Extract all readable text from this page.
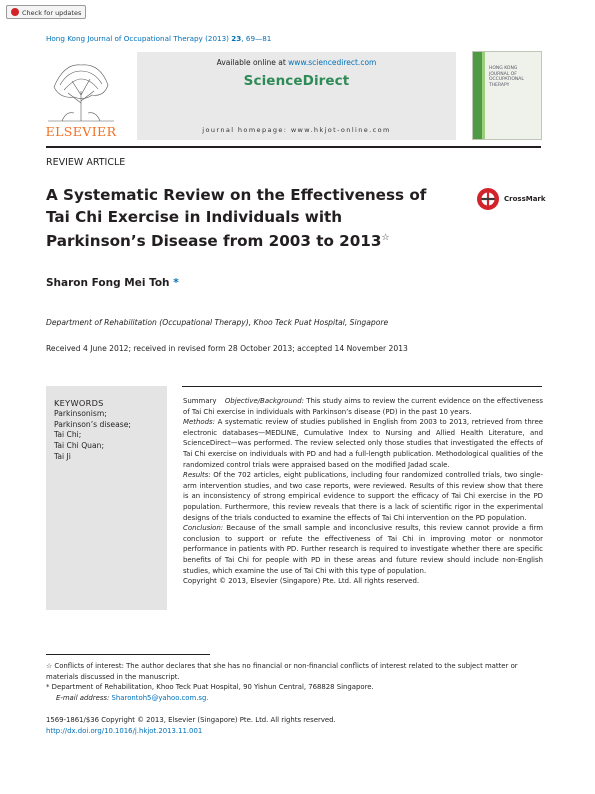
Check for updates
Hong Kong Journal of Occupational Therapy (2013) 23, 69—81
ELSEVIER
Available online at www.sciencedirect.com
ScienceDirect
journal homepage: www.hkjot-online.com
HONG KONG
JOURNAL OF
OCCUPATIONAL
THERAPY
REVIEW ARTICLE
A Systematic Review on the Effectiveness of
Tai Chi Exercise in Individuals with
Parkinson’s Disease from 2003 to 2013☆
CrossMark
Sharon Fong Mei Toh *
Department of Rehabilitation (Occupational Therapy), Khoo Teck Puat Hospital, Singapore
Received 4 June 2012; received in revised form 28 October 2013; accepted 14 November 2013
KEYWORDS
Parkinsonism;
Parkinson’s disease;
Tai Chi;
Tai Chi Quan;
Tai Ji

Summary Objective/Background: This study aims to review the current evidence on the effectiveness of Tai Chi exercise in individuals with Parkinson’s disease (PD) in the past 10 years.

Methods: A systematic review of studies published in English from 2003 to 2013, retrieved from three electronic databases—MEDLINE, Cumulative Index to Nursing and Allied Health Literature, and ScienceDirect—was performed. The review selected only those studies that investigated the effects of Tai Chi exercise on individuals with PD and had a full-length publication. Methodological qualities of the randomized control trials were appraised based on the modified Jadad scale.

Results: Of the 702 articles, eight publications, including four randomized controlled trials, two single-arm intervention studies, and two case reports, were reviewed. Results of this review show that there is an inconsistency of strong empirical evidence to support the efficacy of Tai Chi exercise in the PD population. Furthermore, this review reveals that there is a lack of scientific rigor in the experimental designs of the trials conducted to examine the effects of Tai Chi intervention on the PD population.

Conclusion: Because of the small sample and inconclusive results, this review cannot provide a firm conclusion to support or refute the effectiveness of Tai Chi in improving motor or nonmotor performance in patients with PD. Further research is required to investigate whether there are specific benefits of Tai Chi for people with PD in these areas and future review should include non-English studies, which examine the use of Tai Chi with this type of population.

Copyright © 2013, Elsevier (Singapore) Pte. Ltd. All rights reserved.

☆ Conflicts of interest: The author declares that she has no financial or non-financial conflicts of interest related to the subject matter or materials discussed in the manuscript.

* Department of Rehabilitation, Khoo Teck Puat Hospital, 90 Yishun Central, 768828 Singapore.

E-mail address: Sharontoh5@yahoo.com.sg.

1569-1861/$36 Copyright © 2013, Elsevier (Singapore) Pte. Ltd. All rights reserved.
http://dx.doi.org/10.1016/j.hkjot.2013.11.001
